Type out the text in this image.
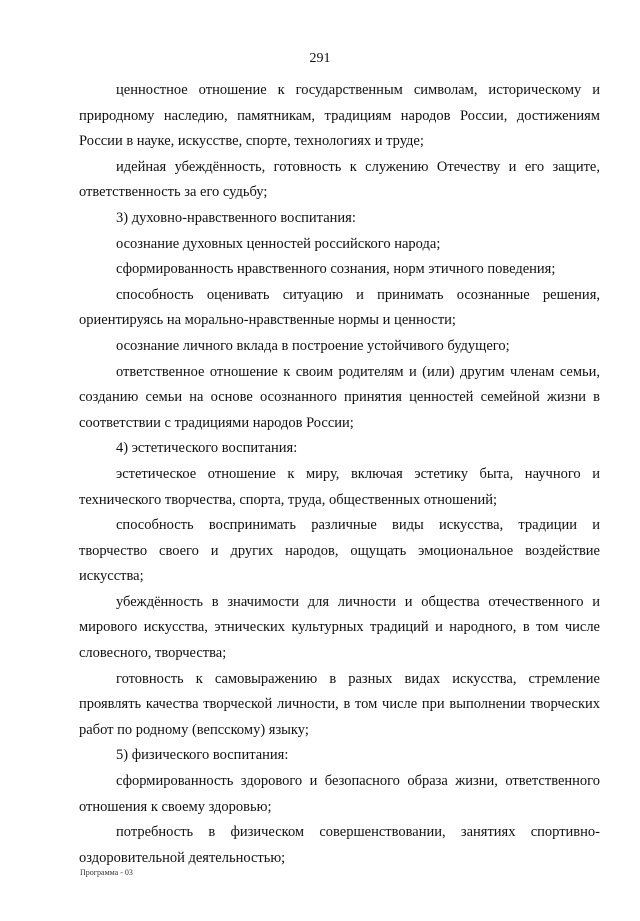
291

ценностное отношение к государственным символам, историческому и природному наследию, памятникам, традициям народов России, достижениям России в науке, искусстве, спорте, технологиях и труде;

идейная убеждённость, готовность к служению Отечеству и его защите, ответственность за его судьбу;

3) духовно-нравственного воспитания:

осознание духовных ценностей российского народа;

сформированность нравственного сознания, норм этичного поведения;

способность оценивать ситуацию и принимать осознанные решения, ориентируясь на морально-нравственные нормы и ценности;

осознание личного вклада в построение устойчивого будущего;

ответственное отношение к своим родителям и (или) другим членам семьи, созданию семьи на основе осознанного принятия ценностей семейной жизни в соответствии с традициями народов России;

4) эстетического воспитания:

эстетическое отношение к миру, включая эстетику быта, научного и технического творчества, спорта, труда, общественных отношений;

способность воспринимать различные виды искусства, традиции и творчество своего и других народов, ощущать эмоциональное воздействие искусства;

убеждённость в значимости для личности и общества отечественного и мирового искусства, этнических культурных традиций и народного, в том числе словесного, творчества;

готовность к самовыражению в разных видах искусства, стремление проявлять качества творческой личности, в том числе при выполнении творческих работ по родному (вепсскому) языку;

5) физического воспитания:

сформированность здорового и безопасного образа жизни, ответственного отношения к своему здоровью;

потребность в физическом совершенствовании, занятиях спортивно-оздоровительной деятельностью;

Программа - 03
